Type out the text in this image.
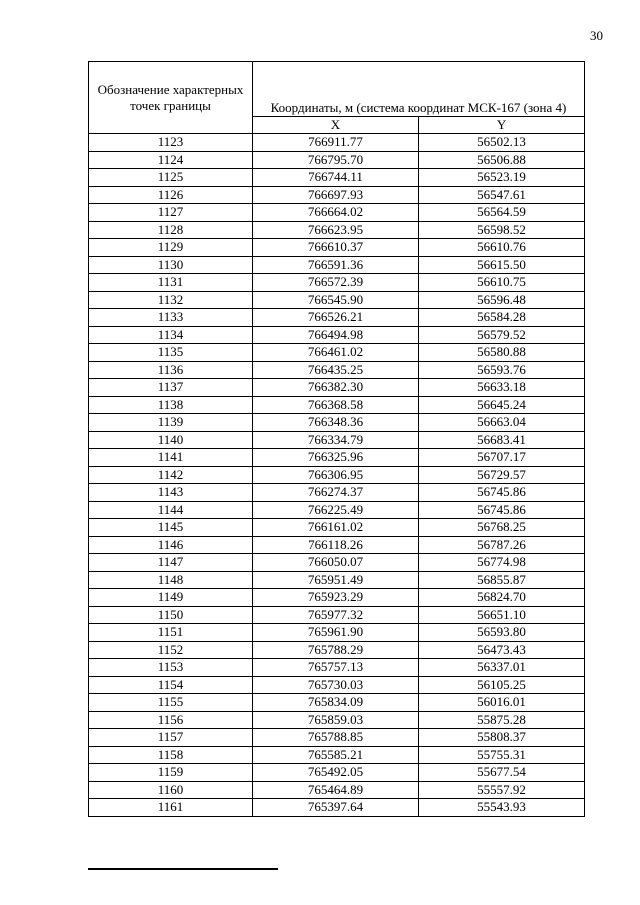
30
Обозначение характерных точек границы	Координаты, м (система координат МСК-167 (зона 4)	
	X	Y
1123	766911.77	56502.13
1124	766795.70	56506.88
1125	766744.11	56523.19
1126	766697.93	56547.61
1127	766664.02	56564.59
1128	766623.95	56598.52
1129	766610.37	56610.76
1130	766591.36	56615.50
1131	766572.39	56610.75
1132	766545.90	56596.48
1133	766526.21	56584.28
1134	766494.98	56579.52
1135	766461.02	56580.88
1136	766435.25	56593.76
1137	766382.30	56633.18
1138	766368.58	56645.24
1139	766348.36	56663.04
1140	766334.79	56683.41
1141	766325.96	56707.17
1142	766306.95	56729.57
1143	766274.37	56745.86
1144	766225.49	56745.86
1145	766161.02	56768.25
1146	766118.26	56787.26
1147	766050.07	56774.98
1148	765951.49	56855.87
1149	765923.29	56824.70
1150	765977.32	56651.10
1151	765961.90	56593.80
1152	765788.29	56473.43
1153	765757.13	56337.01
1154	765730.03	56105.25
1155	765834.09	56016.01
1156	765859.03	55875.28
1157	765788.85	55808.37
1158	765585.21	55755.31
1159	765492.05	55677.54
1160	765464.89	55557.92
1161	765397.64	55543.93
